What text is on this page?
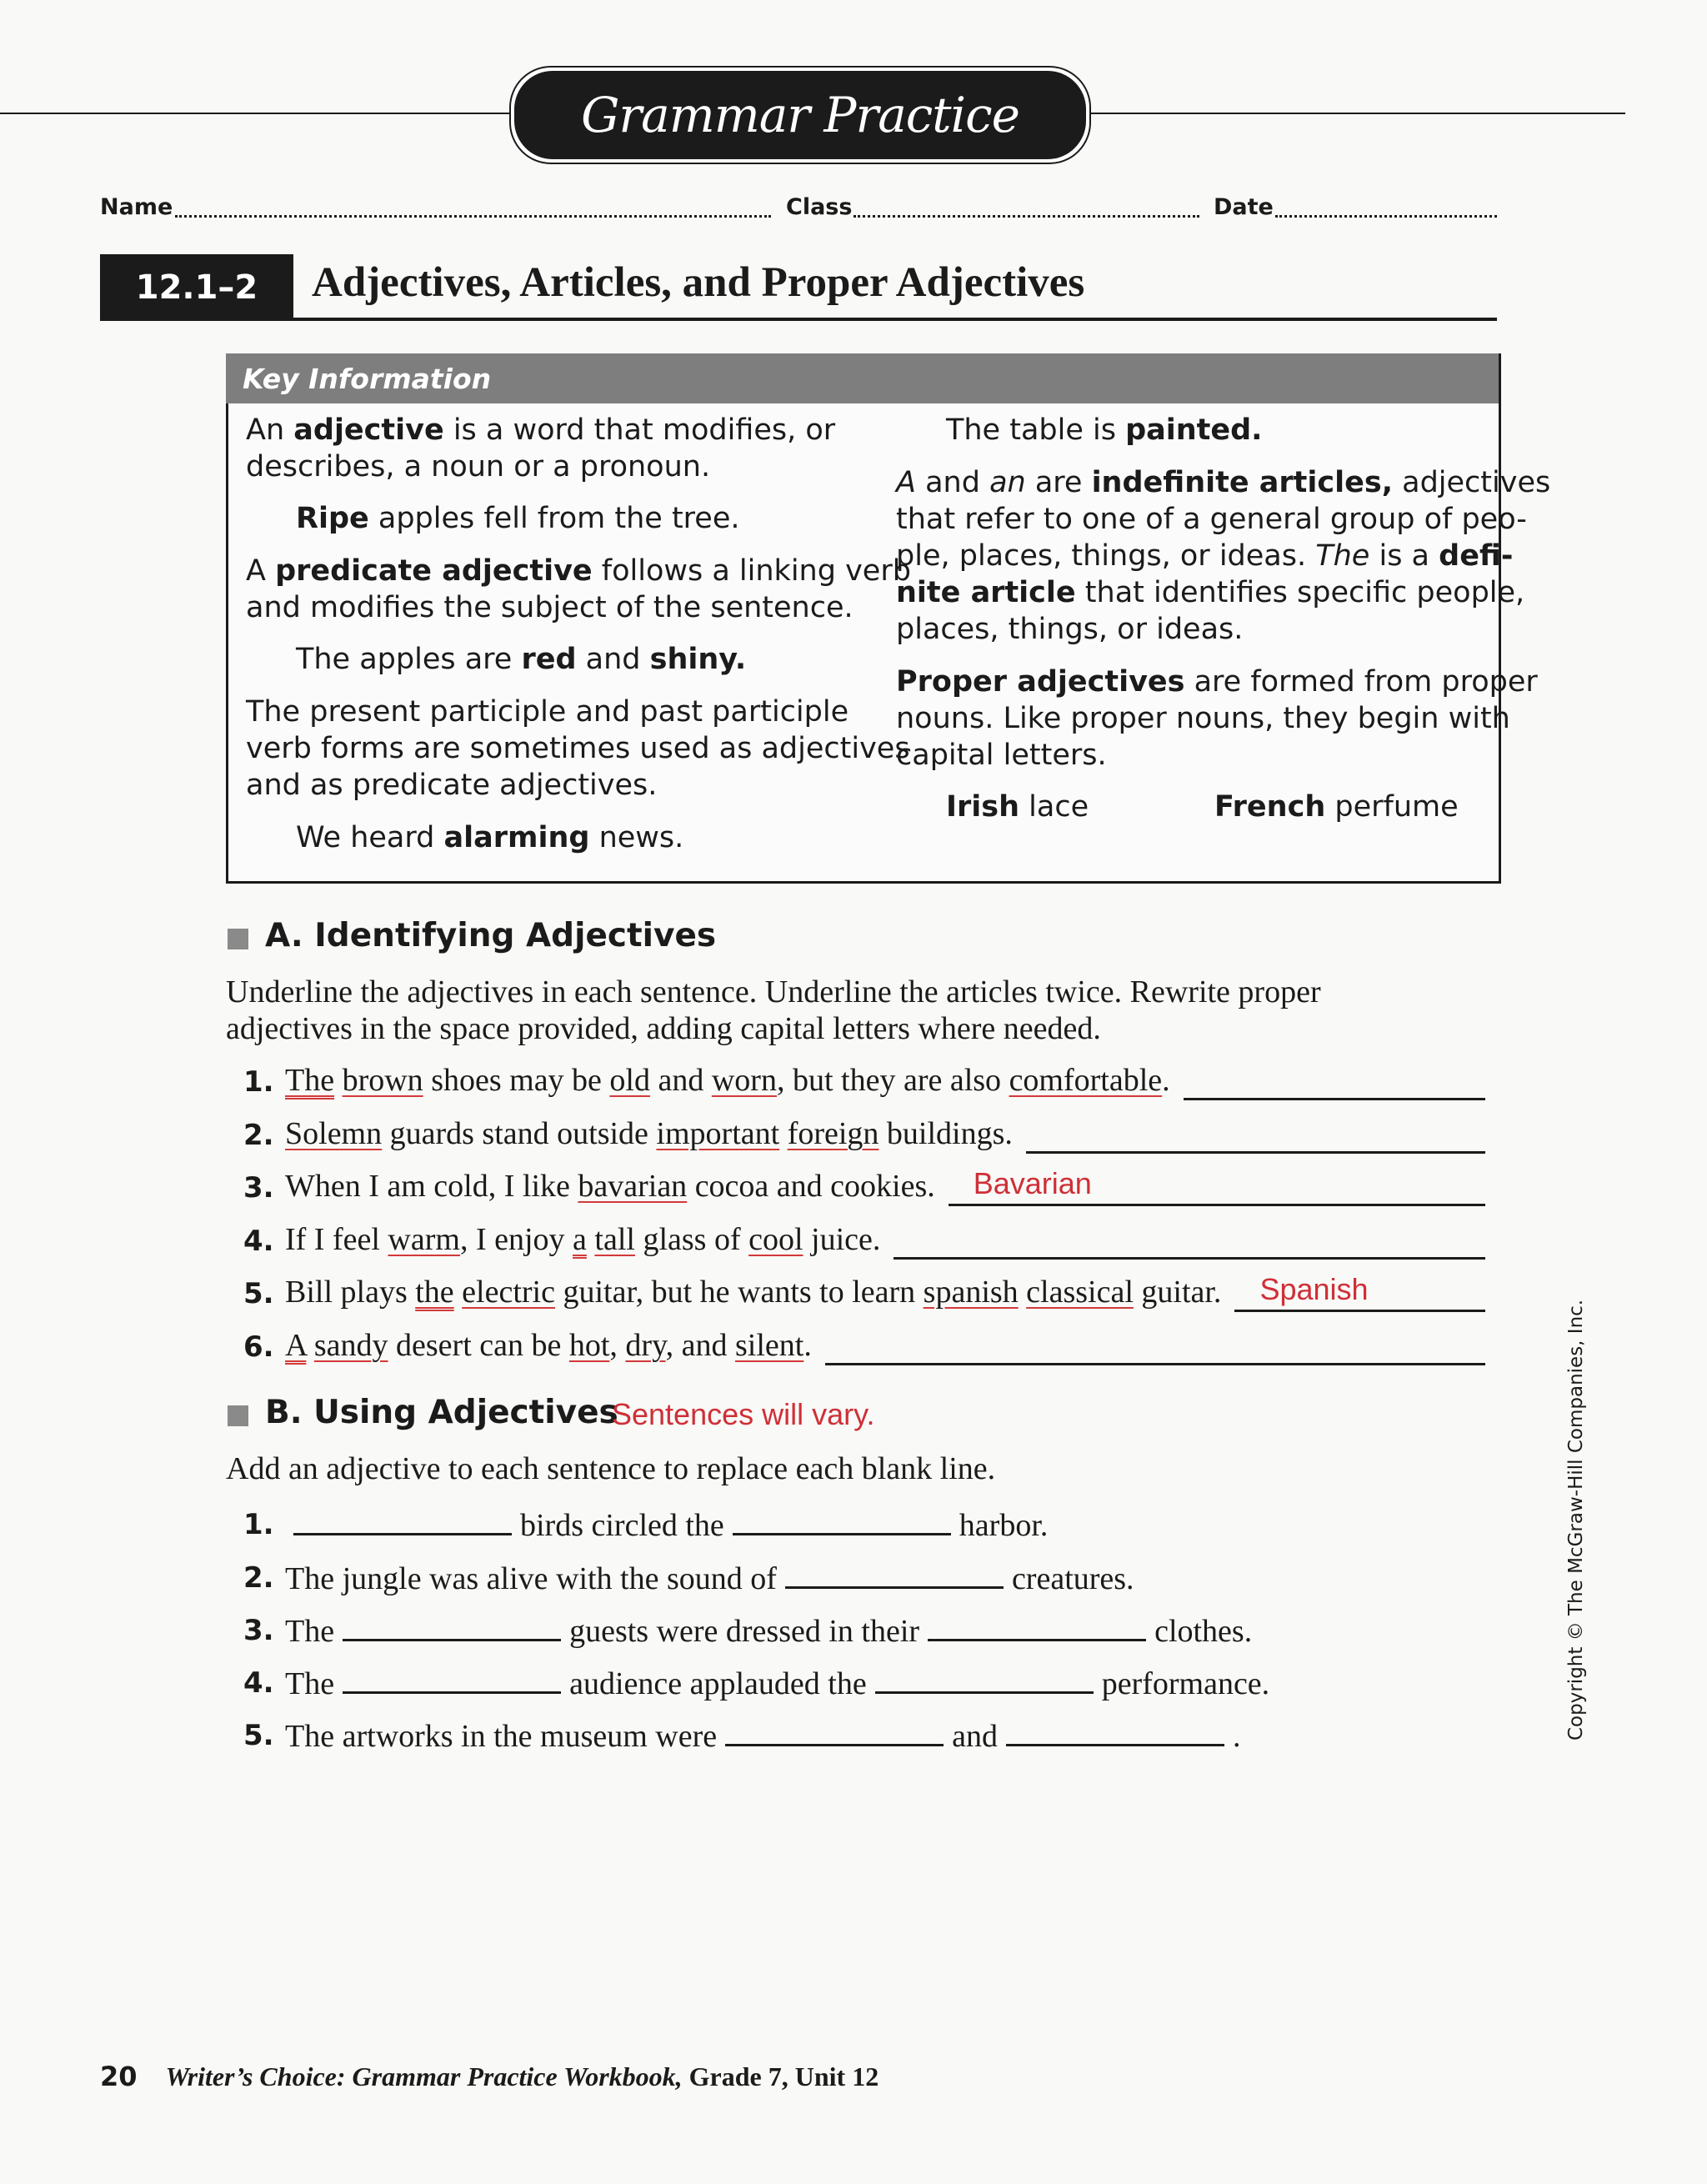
Grammar Practice
Name	Class	Date
12.1–2	Adjectives, Articles, and Proper Adjectives
Key Information
An adjective is a word that modifies, or
describes, a noun or a pronoun.
Ripe apples fell from the tree.
A predicate adjective follows a linking verb
and modifies the subject of the sentence.
The apples are red and shiny.
The present participle and past participle
verb forms are sometimes used as adjectives
and as predicate adjectives.
We heard alarming news.
The table is painted.
A and an are indefinite articles, adjectives
that refer to one of a general group of peo-
ple, places, things, or ideas. The is a defi-
nite article that identifies specific people,
places, things, or ideas.
Proper adjectives are formed from proper
nouns. Like proper nouns, they begin with
capital letters.
Irish lace	French perfume
A. Identifying Adjectives
Underline the adjectives in each sentence. Underline the articles twice. Rewrite proper
adjectives in the space provided, adding capital letters where needed.
1. The brown shoes may be old and worn, but they are also comfortable.
2. Solemn guards stand outside important foreign buildings.
3. When I am cold, I like bavarian cocoa and cookies. Bavarian
4. If I feel warm, I enjoy a tall glass of cool juice.
5. Bill plays the electric guitar, but he wants to learn spanish classical guitar. Spanish
6. A sandy desert can be hot, dry, and silent.
B. Using Adjectives
Sentences will vary.
Add an adjective to each sentence to replace each blank line.
1.	birds circled the	harbor.
2. The jungle was alive with the sound of	creatures.
3. The	guests were dressed in their	clothes.
4. The	audience applauded the	performance.
5. The artworks in the museum were	and	.	Copyright © The McGraw-Hill Companies, Inc.
20 Writer’s Choice: Grammar Practice Workbook, Grade 7, Unit 12
